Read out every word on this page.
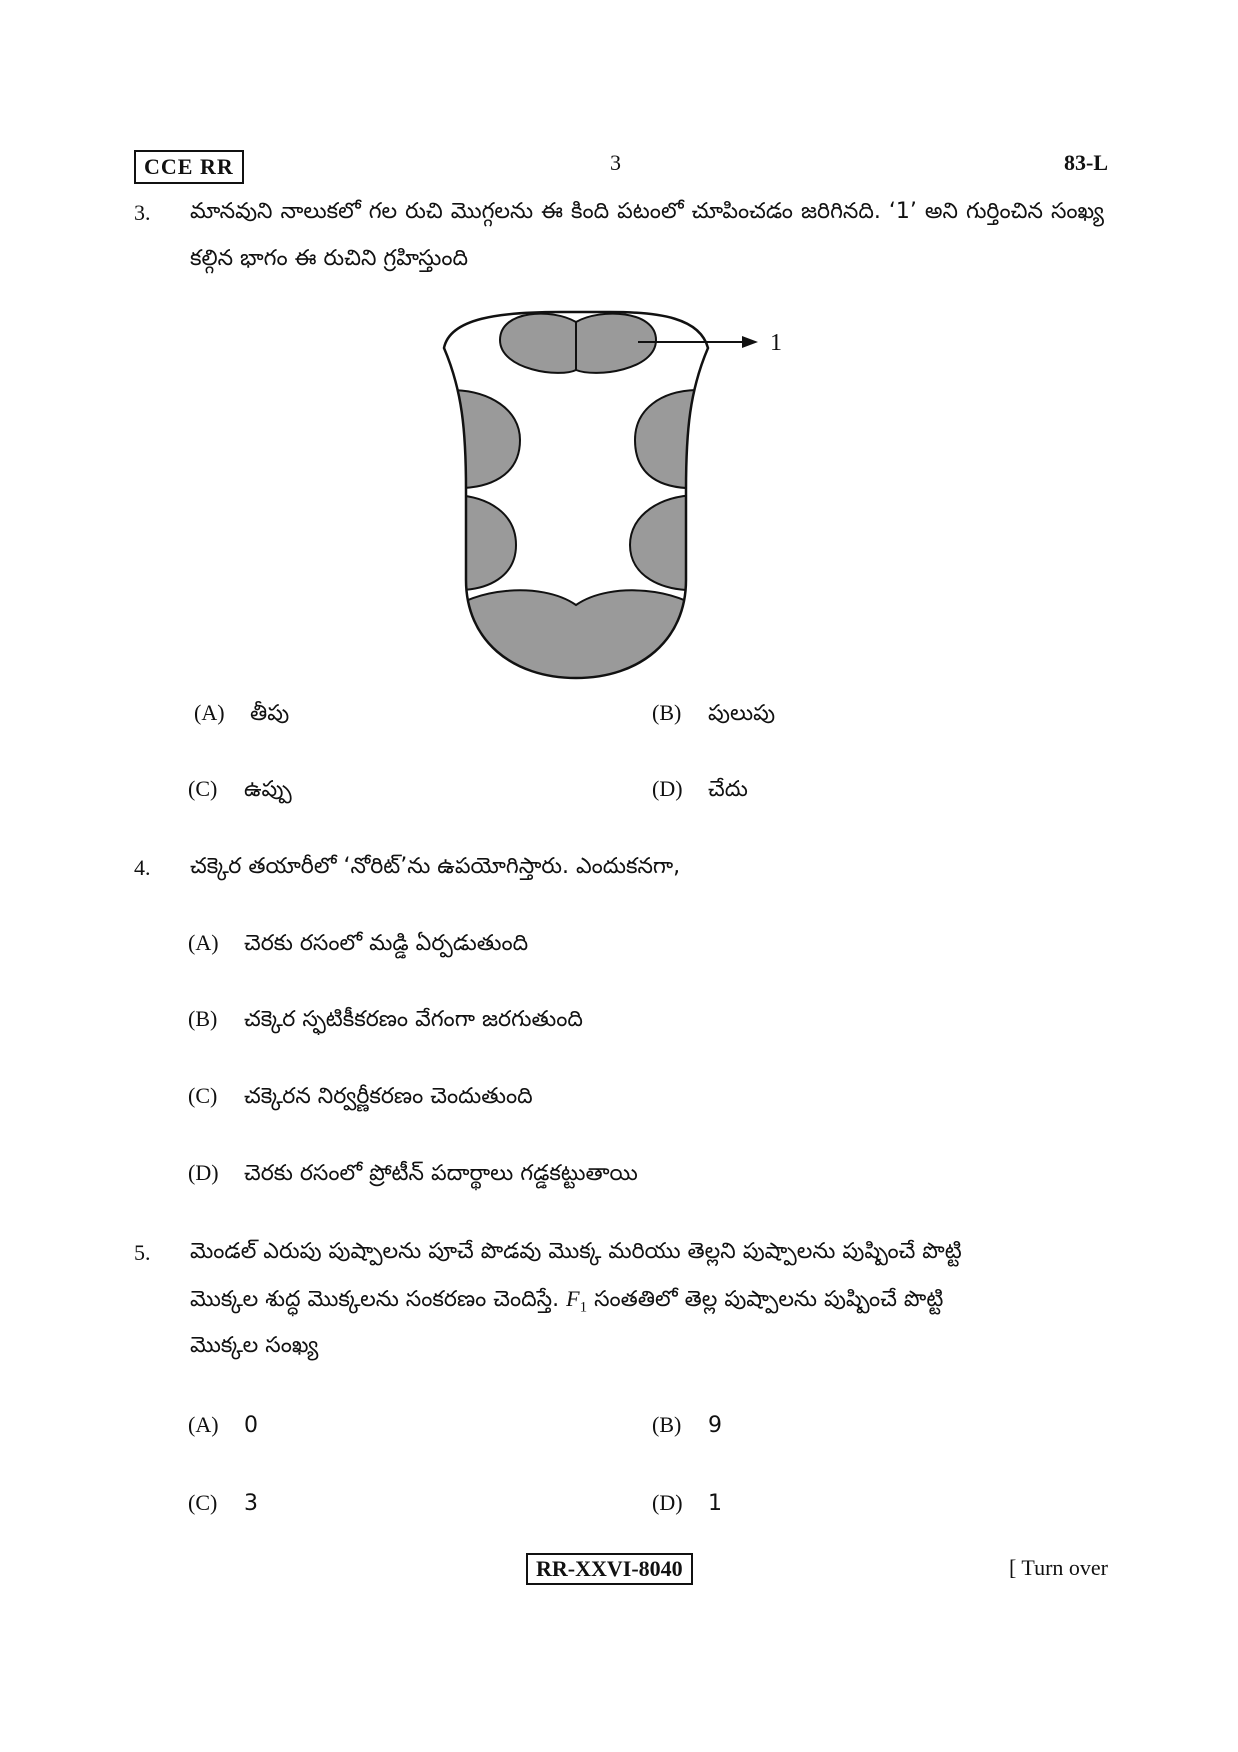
CCE RR	3	83-L
3. మానవుని నాలుకలో గల రుచి మొగ్గలను ఈ కింది పటంలో చూపించడం జరిగినది. ‘1’ అని గుర్తించిన సంఖ్య కల్గిన భాగం ఈ రుచిని గ్రహిస్తుంది
1
(A) తీపు	(B) పులుపు
(C) ఉప్పు	(D) చేదు
4. చక్కెర తయారీలో ‘నోరిట్’ను ఉపయోగిస్తారు. ఎందుకనగా,
(A) చెరకు రసంలో మడ్డి ఏర్పడుతుంది
(B) చక్కెర స్ఫటికీకరణం వేగంగా జరగుతుంది
(C) చక్కెరన నిర్వర్ణీకరణం చెందుతుంది
(D) చెరకు రసంలో ప్రోటీన్ పదార్థాలు గడ్డకట్టుతాయి
5. మెండల్ ఎరుపు పుష్పాలను పూచే పొడవు మొక్క మరియు తెల్లని పుష్పాలను పుష్పించే పొట్టి
మొక్కల శుద్ధ మొక్కలను సంకరణం చెందిస్తే. $F_1$ సంతతిలో తెల్ల పుష్పాలను పుష్పించే పొట్టి
మొక్కల సంఖ్య
(A) 0	(B) 9
(C) 3	(D) 1
RR-XXVI-8040	[ Turn over
